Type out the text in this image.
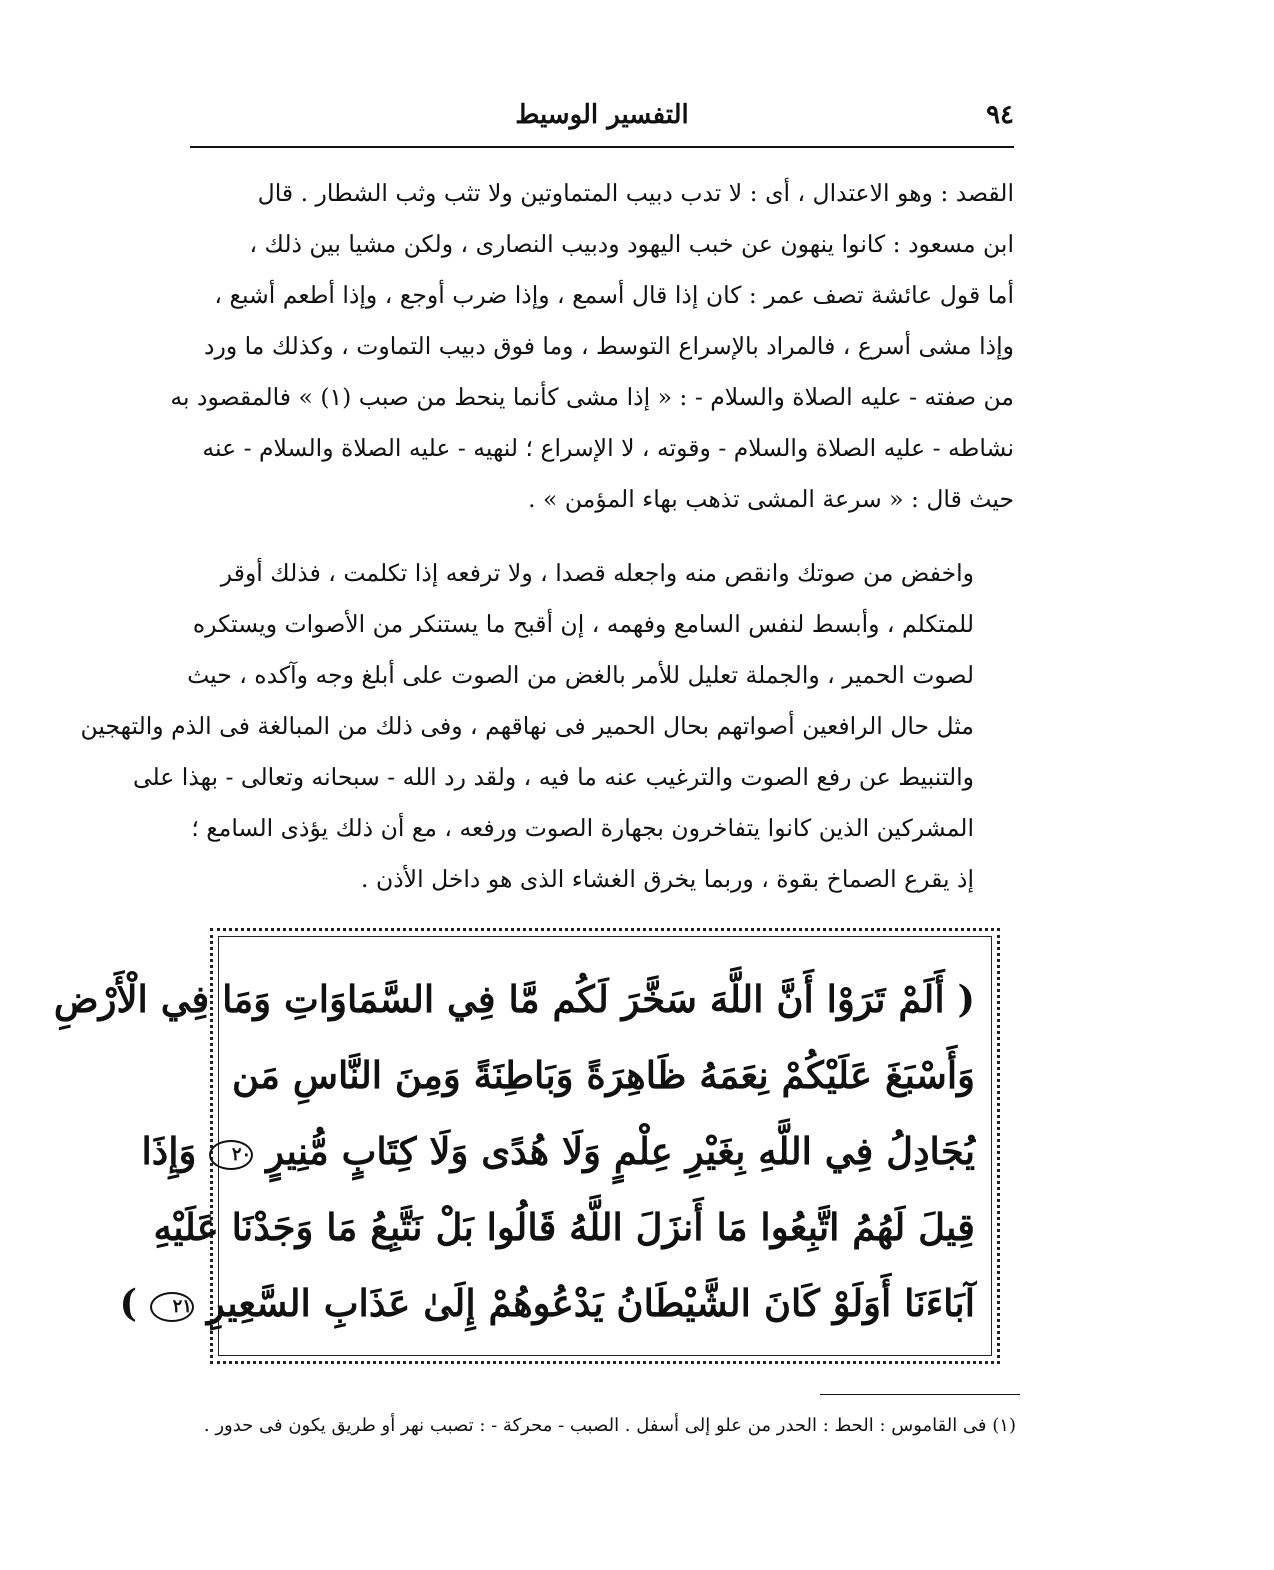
٩٤
التفسير الوسيط
القصد : وهو الاعتدال ، أى : لا تدب دبيب المتماوتين ولا تثب وثب الشطار . قال
ابن مسعود : كانوا ينهون عن خبب اليهود ودبيب النصارى ، ولكن مشيا بين ذلك ،
أما قول عائشة تصف عمر : كان إذا قال أسمع ، وإذا ضرب أوجع ، وإذا أطعم أشبع ،
وإذا مشى أسرع ، فالمراد بالإسراع التوسط ، وما فوق دبيب التماوت ، وكذلك ما ورد
من صفته - عليه الصلاة والسلام - : « إذا مشى كأنما ينحط من صبب (١) » فالمقصود به
نشاطه - عليه الصلاة والسلام - وقوته ، لا الإسراع ؛ لنهيه - عليه الصلاة والسلام - عنه
حيث قال : « سرعة المشى تذهب بهاء المؤمن » .
واخفض من صوتك وانقص منه واجعله قصدا ، ولا ترفعه إذا تكلمت ، فذلك أوقر
للمتكلم ، وأبسط لنفس السامع وفهمه ، إن أقبح ما يستنكر من الأصوات ويستكره
لصوت الحمير ، والجملة تعليل للأمر بالغض من الصوت على أبلغ وجه وآكده ، حيث
مثل حال الرافعين أصواتهم بحال الحمير فى نهاقهم ، وفى ذلك من المبالغة فى الذم والتهجين
والتنبيط عن رفع الصوت والترغيب عنه ما فيه ، ولقد رد الله - سبحانه وتعالى - بهذا على
المشركين الذين كانوا يتفاخرون بجهارة الصوت ورفعه ، مع أن ذلك يؤذى السامع ؛
إذ يقرع الصماخ بقوة ، وربما يخرق الغشاء الذى هو داخل الأذن .
( أَلَمْ تَرَوْا أَنَّ اللَّهَ سَخَّرَ لَكُم مَّا فِي السَّمَاوَاتِ وَمَا فِي الْأَرْضِ
وَأَسْبَغَ عَلَيْكُمْ نِعَمَهُ ظَاهِرَةً وَبَاطِنَةً وَمِنَ النَّاسِ مَن
يُجَادِلُ فِي اللَّهِ بِغَيْرِ عِلْمٍ وَلَا هُدًى وَلَا كِتَابٍ مُّنِيرٍ ٢٠ وَإِذَا
قِيلَ لَهُمُ اتَّبِعُوا مَا أَنزَلَ اللَّهُ قَالُوا بَلْ نَتَّبِعُ مَا وَجَدْنَا عَلَيْهِ
آبَاءَنَا أَوَلَوْ كَانَ الشَّيْطَانُ يَدْعُوهُمْ إِلَىٰ عَذَابِ السَّعِيرِ ٢١ )
(١) فى القاموس : الحط : الحدر من علو إلى أسفل . الصبب - محركة - : تصبب نهر أو طريق يكون فى حدور .
